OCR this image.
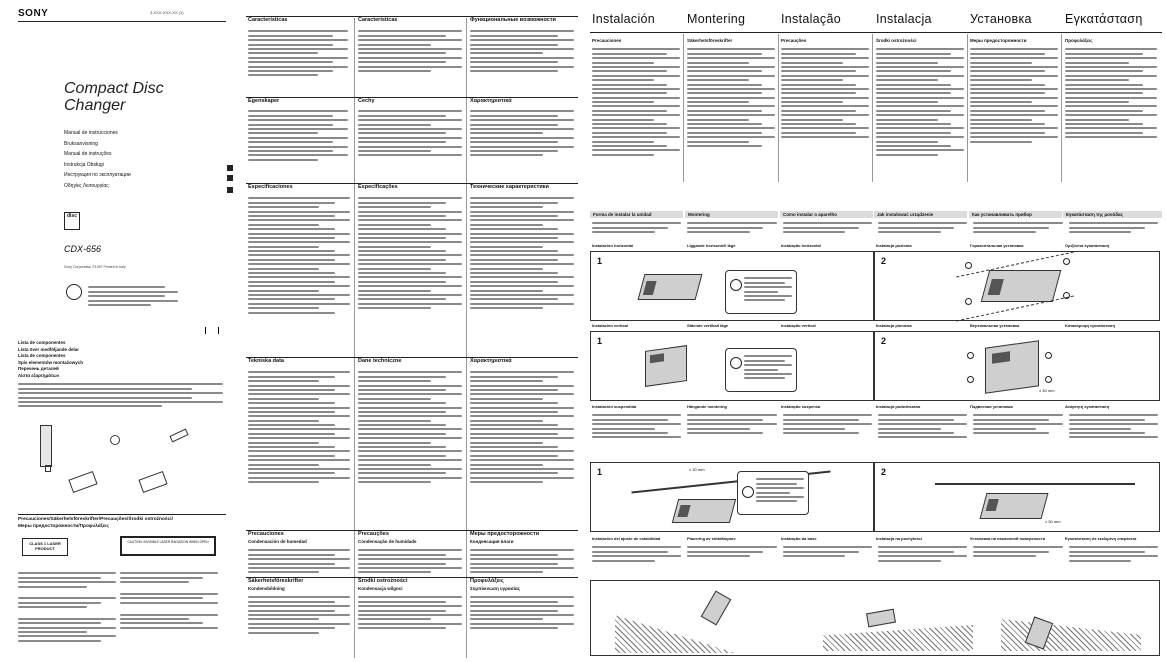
SONY	3-XXX-XXX-XX (1)
Compact Disc
Changer
Manual de instrucciones
Bruksanvisning
Manual de instruções
Instrukcja Obsługi
Инструкция по эксплуатации
Οδηγίες Λειτουργίας
disc
CDX-656
Sony Corporation ©1997 Printed in Italy
Lista de componentes
Lista över medföljande delar
Lista de componentes
Spis elementów montażowych
Перечень деталей
Λίστα εξαρτημάτων
Precauciones/Säkerhetsföreskrifter/Precauções/Środki ostrożności/
Меры предосторожности/Προφυλάξεις
CLASS 1 LASER PRODUCT
CAUTION: INVISIBLE LASER RADIATION WHEN OPEN
Características	Características	Функциональные возможности
Egenskaper	Cechy	Χαρακτηριστικά
Especificaciones	Especificações	Технические характеристики
Tekniska data	Dane techniczne	Χαρακτηριστικά
Precauciones	Precauções	Меры предосторожности
Condensación de humedad	Condensação de humidade	Конденсация влаги
Säkerhetsföreskrifter	Środki ostrożności	Προφυλάξεις
Kondensbildning	Kondensacja wilgoci	Συμπύκνωση υγρασίας
Instalación	Montering	Instalação	Instalacja	Установка	Εγκατάσταση
Precauciones	Säkerhetsföreskrifter	Precauções	Środki ostrożności	Меры предосторожности	Προφυλάξεις
Forma de instalar la unidad	Montering	Como instalar o aparelho	Jak instalować urządzenie	Как устанавливать прибор	Εγκατάσταση της μονάδας
Instalación horizontal	Liggande horisontell läge	Instalação horizontal	Instalacja pozioma	Горизонтальная установка	Οριζόντια εγκατάσταση
1	2
Instalación vertical	Stående vertikalt läge	Instalação vertical	Instalacja pionowa	Вертикальная установка	Κατακόρυφη εγκατάσταση
1	2
± 30 mm
Instalación suspendida	Hängande montering	Instalação suspensa	Instalacja podwieszana	Подвесная установка	Ανάρτητη εγκατάσταση
1	± 30 mm	2
± 30 mm
Instalación del ajuste de estabilidad	Placering av stötdämpare	Instalação da base	Instalacja na pochyłości	Установка на наклонной поверхности	Εγκατάσταση σε κεκλιμένη επιφάνεια
